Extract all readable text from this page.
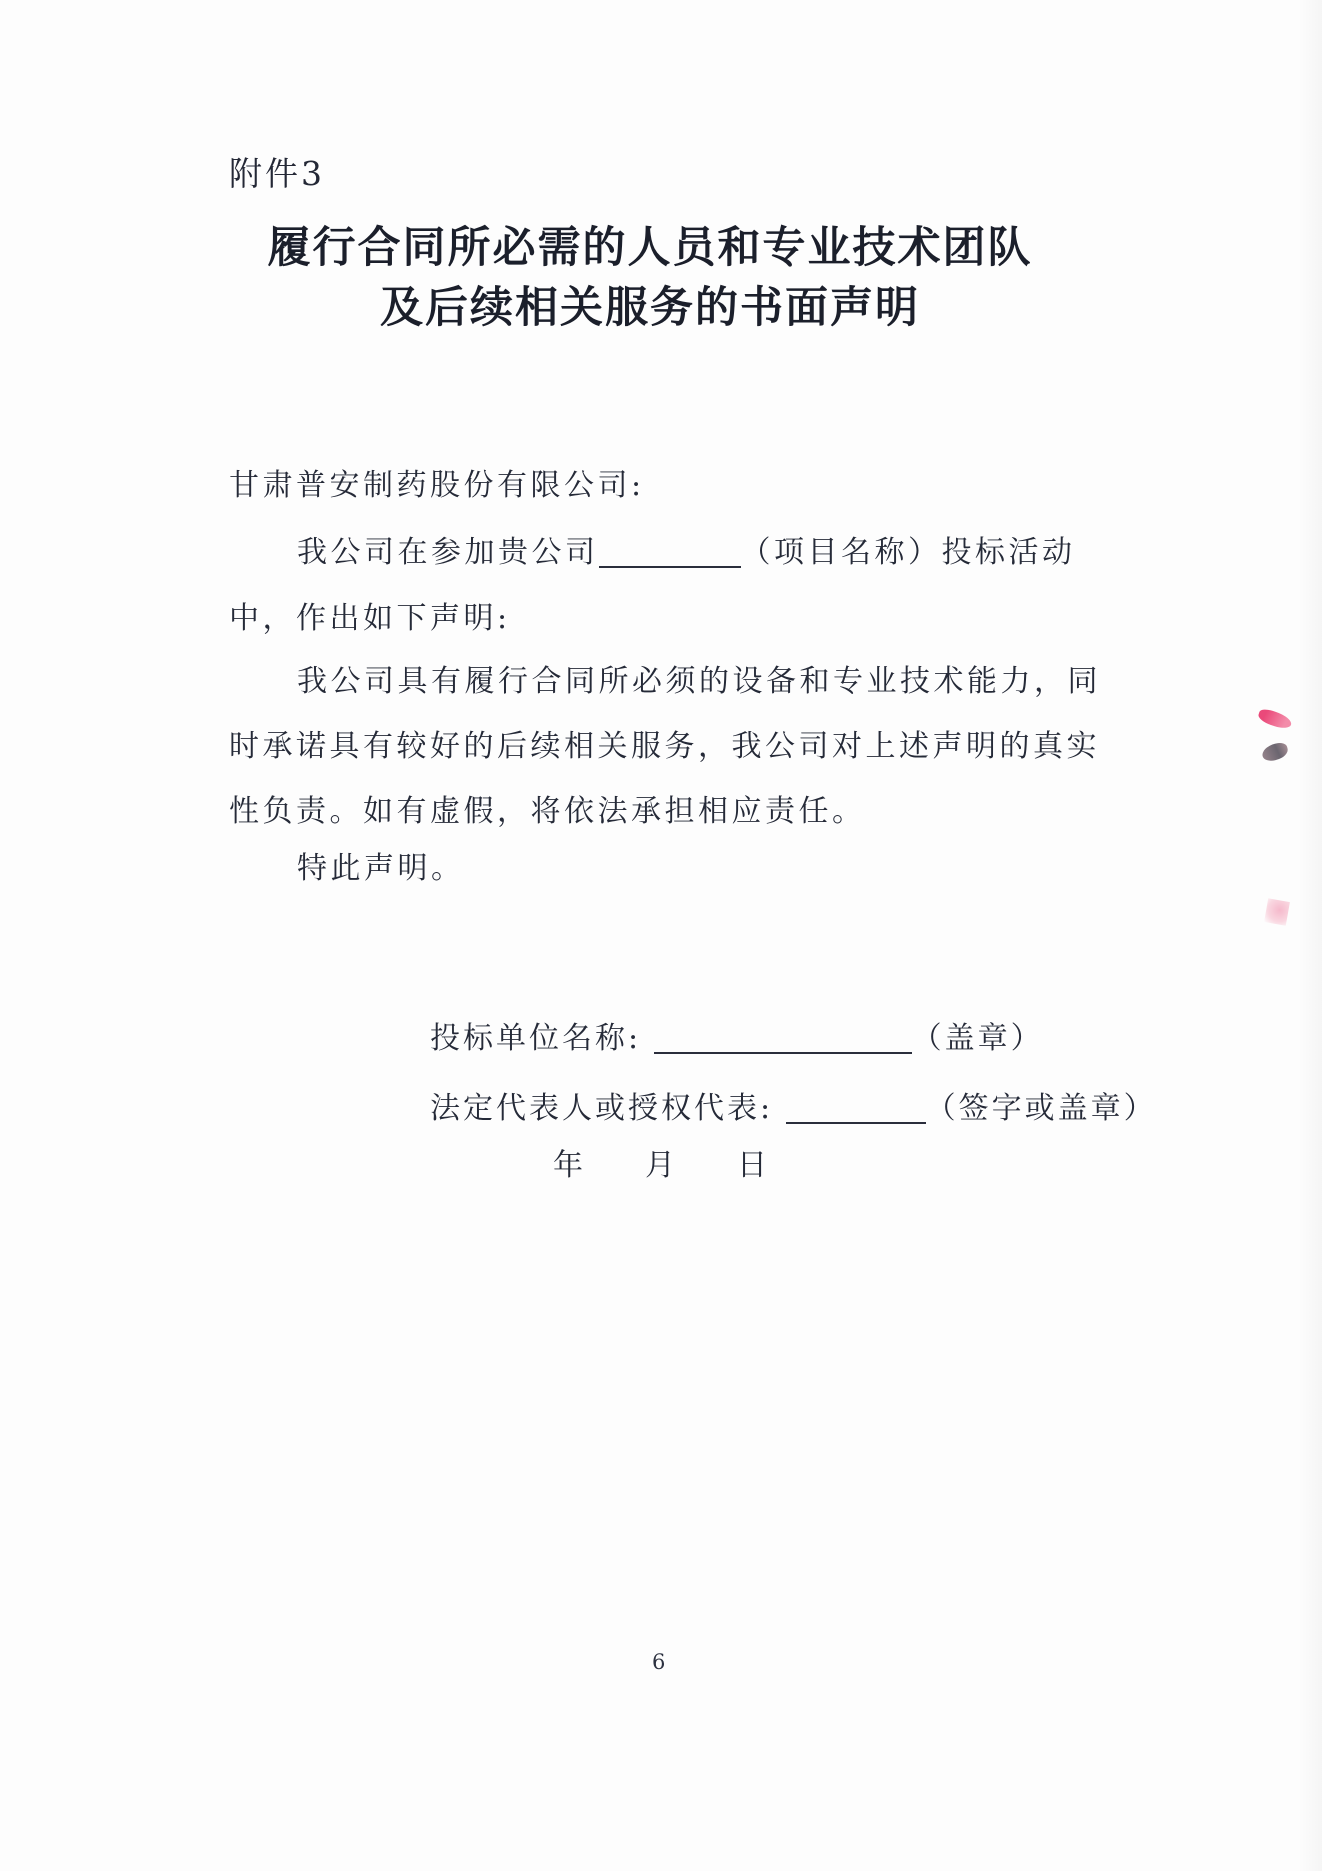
附件3
履行合同所必需的人员和专业技术团队
及后续相关服务的书面声明
甘肃普安制药股份有限公司:
我公司在参加贵公司	（项目名称）投标活动
中，作出如下声明:
我公司具有履行合同所必须的设备和专业技术能力，同
时承诺具有较好的后续相关服务，我公司对上述声明的真实
性负责。如有虚假，将依法承担相应责任。
特此声明。
投标单位名称:	（盖章）
法定代表人或授权代表:	（签字或盖章）
年 月 日
6
